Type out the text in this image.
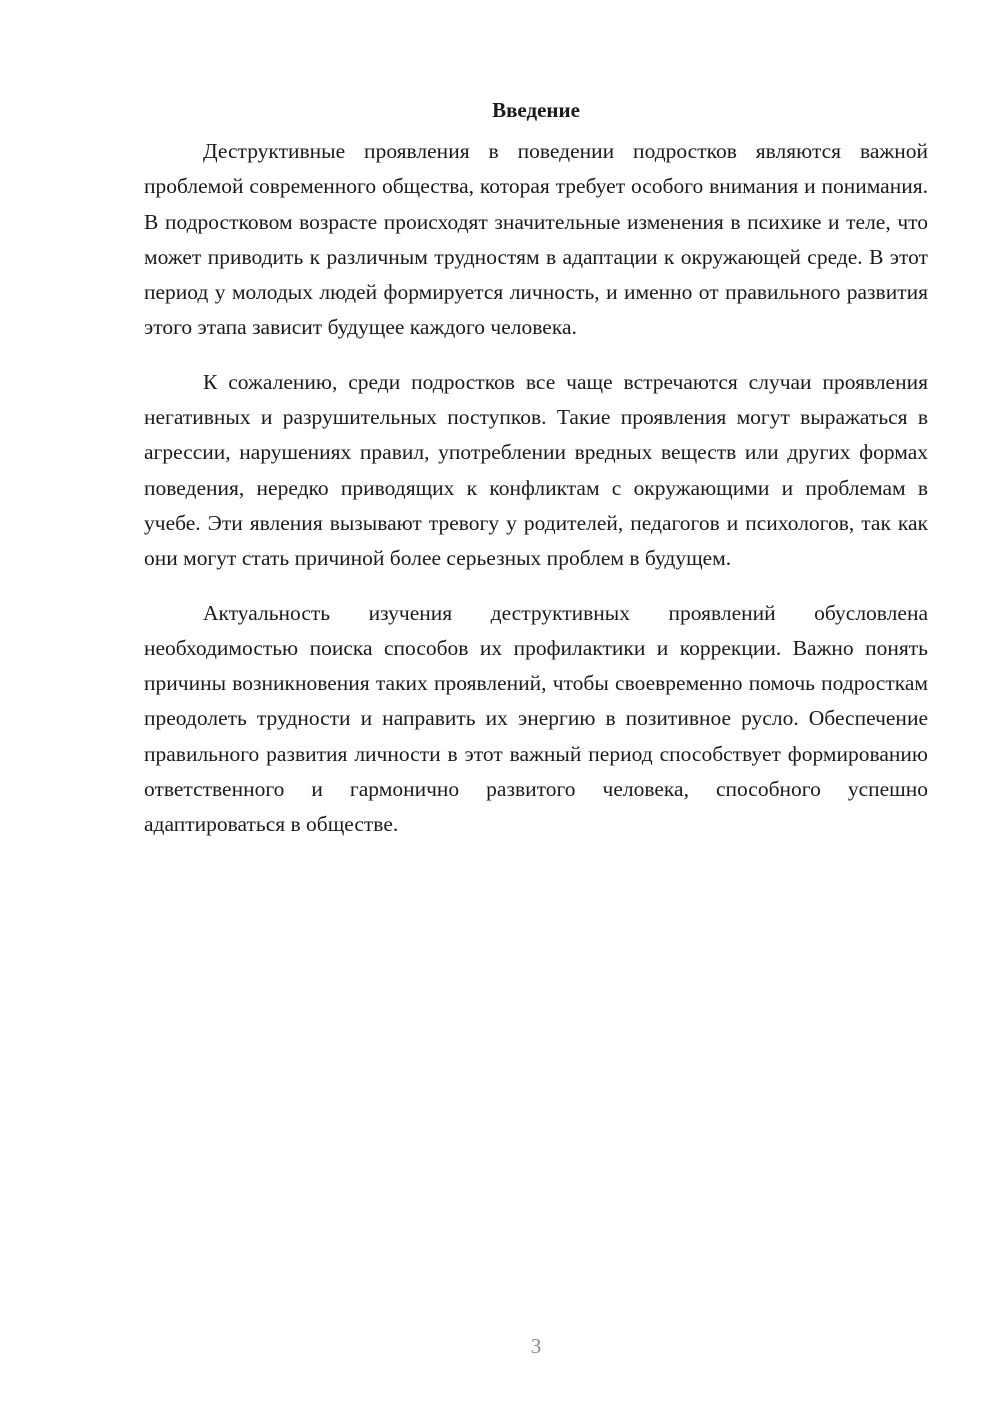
Введение

Деструктивные проявления в поведении подростков являются важной проблемой современного общества, которая требует особого внимания и понимания. В подростковом возрасте происходят значительные изменения в психике и теле, что может приводить к различным трудностям в адаптации к окружающей среде. В этот период у молодых людей формируется личность, и именно от правильного развития этого этапа зависит будущее каждого человека.

К сожалению, среди подростков все чаще встречаются случаи проявления негативных и разрушительных поступков. Такие проявления могут выражаться в агрессии, нарушениях правил, употреблении вредных веществ или других формах поведения, нередко приводящих к конфликтам с окружающими и проблемам в учебе. Эти явления вызывают тревогу у родителей, педагогов и психологов, так как они могут стать причиной более серьезных проблем в будущем.

Актуальность изучения деструктивных проявлений обусловлена необходимостью поиска способов их профилактики и коррекции. Важно понять причины возникновения таких проявлений, чтобы своевременно помочь подросткам преодолеть трудности и направить их энергию в позитивное русло. Обеспечение правильного развития личности в этот важный период способствует формированию ответственного и гармонично развитого человека, способного успешно адаптироваться в обществе.

3
